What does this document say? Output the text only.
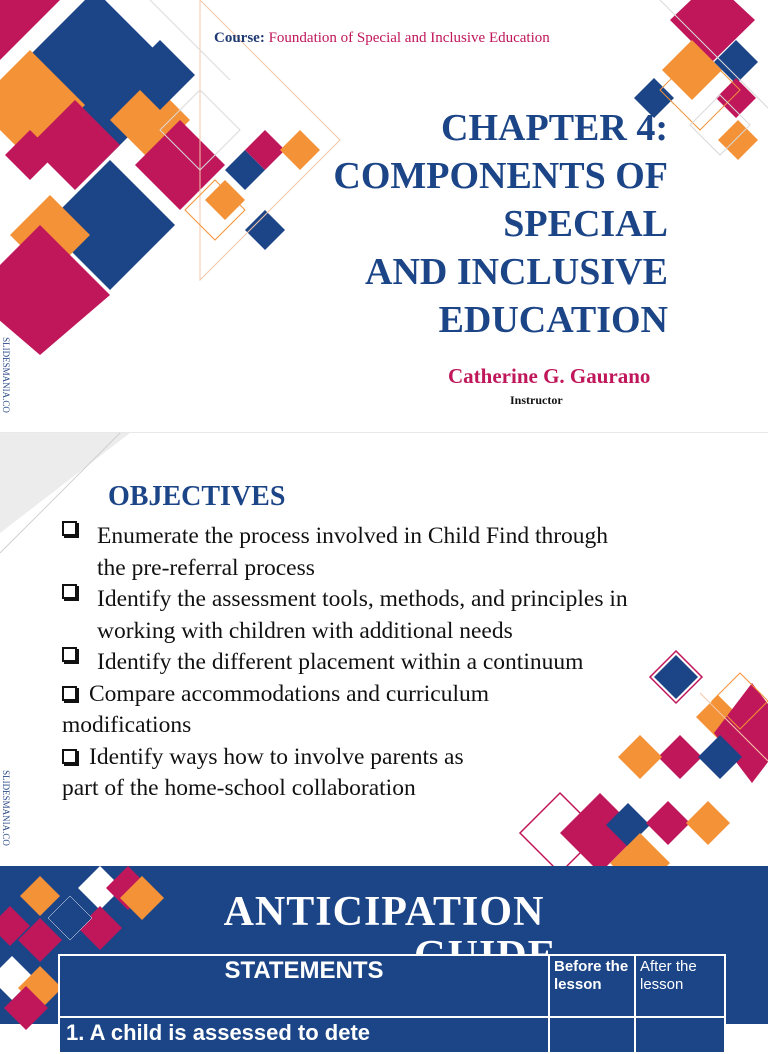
Course: Foundation of Special and Inclusive Education
CHAPTER 4:
COMPONENTS OF
SPECIAL
AND INCLUSIVE
EDUCATION
Catherine G. Gaurano
Instructor
SLIDESMANIA.CO
OBJECTIVES
Enumerate the process involved in Child Find through
the pre-referral process
Identify the assessment tools, methods, and principles in
working with children with additional needs
Identify the different placement within a continuum
Compare accommodations and curriculum
modifications
Identify ways how to involve parents as
part of the home-school collaboration
SLIDESMANIA.CO
ANTICIPATION
STATEMENTS	Before the lesson	After the lesson
1. A child is assessed to dete		
